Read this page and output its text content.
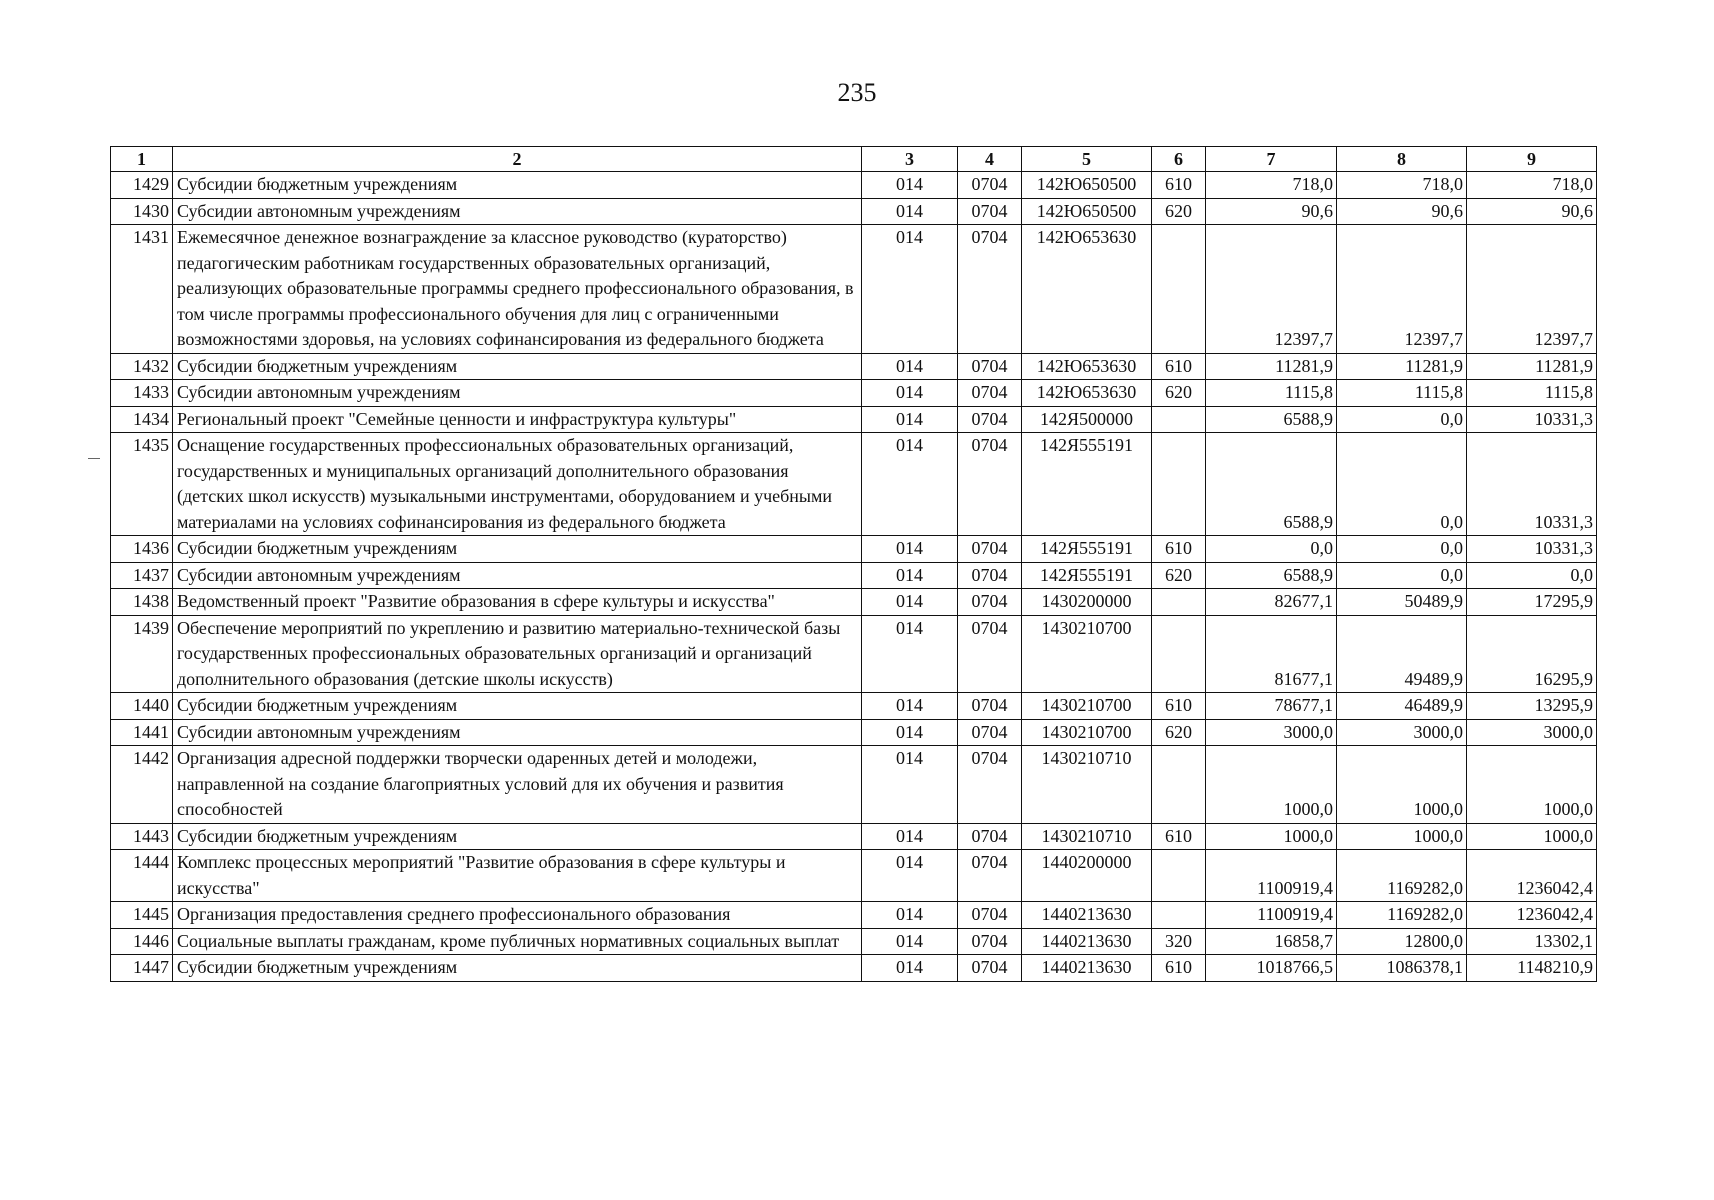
235
1	2	3	4	5	6	7	8	9
1429	Субсидии бюджетным учреждениям	014	0704	142Ю650500	610	718,0	718,0	718,0
1430	Субсидии автономным учреждениям	014	0704	142Ю650500	620	90,6	90,6	90,6
1431	Ежемесячное денежное вознаграждение за классное руководство (кураторство) педагогическим работникам государственных образовательных организаций, реализующих образовательные программы среднего профессионального образования, в том числе программы профессионального обучения для лиц с ограниченными возможностями здоровья, на условиях софинансирования из федерального бюджета	014	0704	142Ю653630		12397,7	12397,7	12397,7
1432	Субсидии бюджетным учреждениям	014	0704	142Ю653630	610	11281,9	11281,9	11281,9
1433	Субсидии автономным учреждениям	014	0704	142Ю653630	620	1115,8	1115,8	1115,8
1434	Региональный проект "Семейные ценности и инфраструктура культуры"	014	0704	142Я500000		6588,9	0,0	10331,3
1435	Оснащение государственных профессиональных образовательных организаций, государственных и муниципальных организаций дополнительного образования (детских школ искусств) музыкальными инструментами, оборудованием и учебными материалами на условиях софинансирования из федерального бюджета	014	0704	142Я555191		6588,9	0,0	10331,3
1436	Субсидии бюджетным учреждениям	014	0704	142Я555191	610	0,0	0,0	10331,3
1437	Субсидии автономным учреждениям	014	0704	142Я555191	620	6588,9	0,0	0,0
1438	Ведомственный проект "Развитие образования в сфере культуры и искусства"	014	0704	1430200000		82677,1	50489,9	17295,9
1439	Обеспечение мероприятий по укреплению и развитию материально-технической базы государственных профессиональных образовательных организаций и организаций дополнительного образования (детские школы искусств)	014	0704	1430210700		81677,1	49489,9	16295,9
1440	Субсидии бюджетным учреждениям	014	0704	1430210700	610	78677,1	46489,9	13295,9
1441	Субсидии автономным учреждениям	014	0704	1430210700	620	3000,0	3000,0	3000,0
1442	Организация адресной поддержки творчески одаренных детей и молодежи, направленной на создание благоприятных условий для их обучения и развития способностей	014	0704	1430210710		1000,0	1000,0	1000,0
1443	Субсидии бюджетным учреждениям	014	0704	1430210710	610	1000,0	1000,0	1000,0
1444	Комплекс процессных мероприятий "Развитие образования в сфере культуры и искусства"	014	0704	1440200000		1100919,4	1169282,0	1236042,4
1445	Организация предоставления среднего профессионального образования	014	0704	1440213630		1100919,4	1169282,0	1236042,4
1446	Социальные выплаты гражданам, кроме публичных нормативных социальных выплат	014	0704	1440213630	320	16858,7	12800,0	13302,1
1447	Субсидии бюджетным учреждениям	014	0704	1440213630	610	1018766,5	1086378,1	1148210,9
